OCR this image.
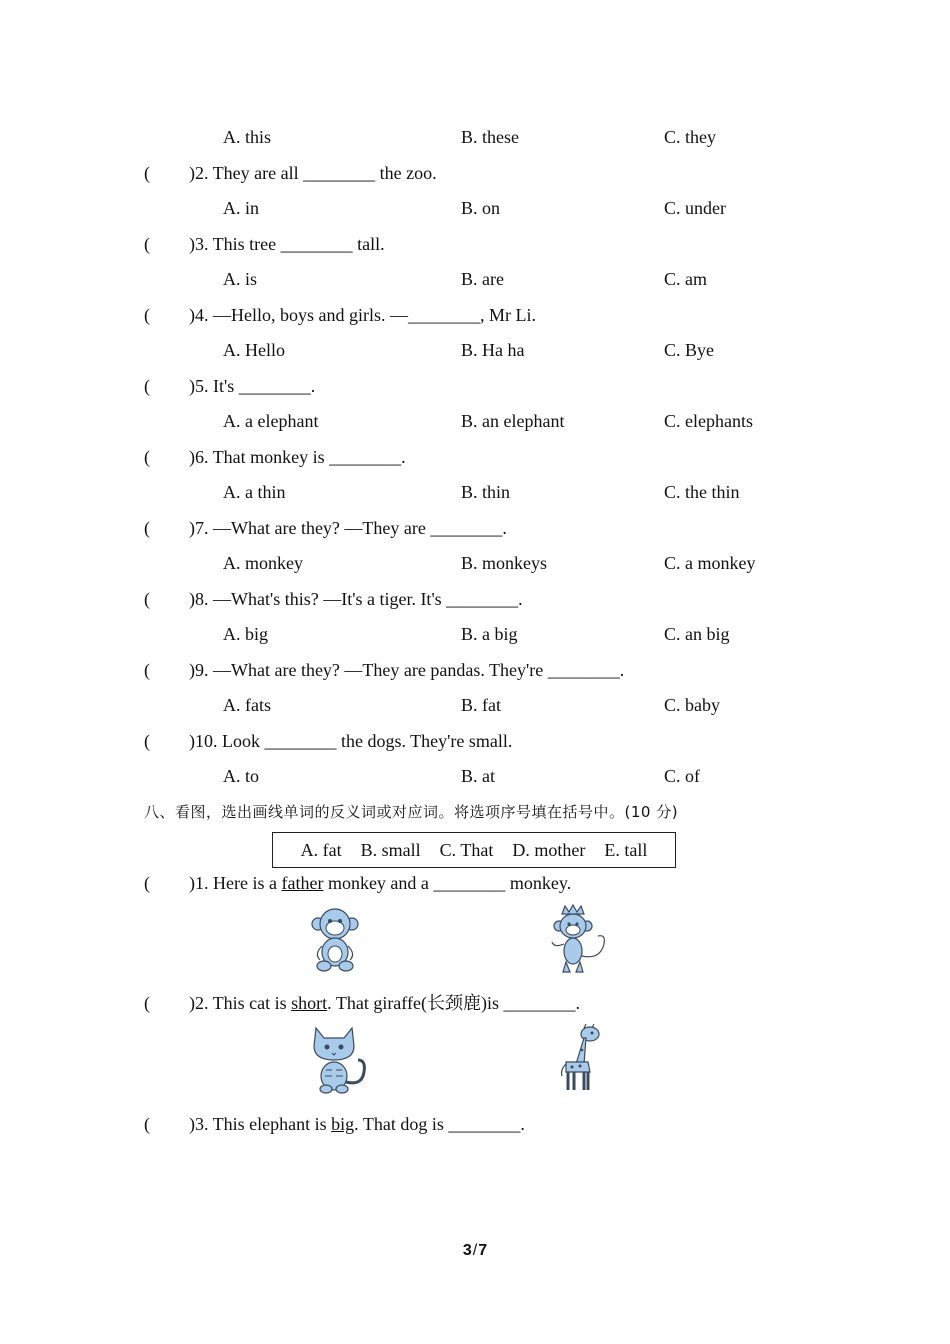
A. this	B. these	C. they
( )2. They are all ________ the zoo.
A. in	B. on	C. under
( )3. This tree ________ tall.
A. is	B. are	C. am
( )4. —Hello, boys and girls. —________, Mr Li.
A. Hello	B. Ha ha	C. Bye
( )5. It's ________.
A. a elephant	B. an elephant	C. elephants
( )6. That monkey is ________.
A. a thin	B. thin	C. the thin
( )7. —What are they? —They are ________.
A. monkey	B. monkeys	C. a monkey
( )8. —What's this? —It's a tiger. It's ________.
A. big	B. a big	C. an big
( )9. —What are they? —They are pandas. They're ________.
A. fats	B. fat	C. baby
( )10. Look ________ the dogs. They're small.
A. to	B. at	C. of
八、看图，选出画线单词的反义词或对应词。将选项序号填在括号中。(10 分)
A. fat B. small C. That D. mother E. tall
( )1. Here is a father monkey and a ________ monkey.
( )2. This cat is short. That giraffe(长颈鹿)is ________.
( )3. This elephant is big. That dog is ________.
3/7
